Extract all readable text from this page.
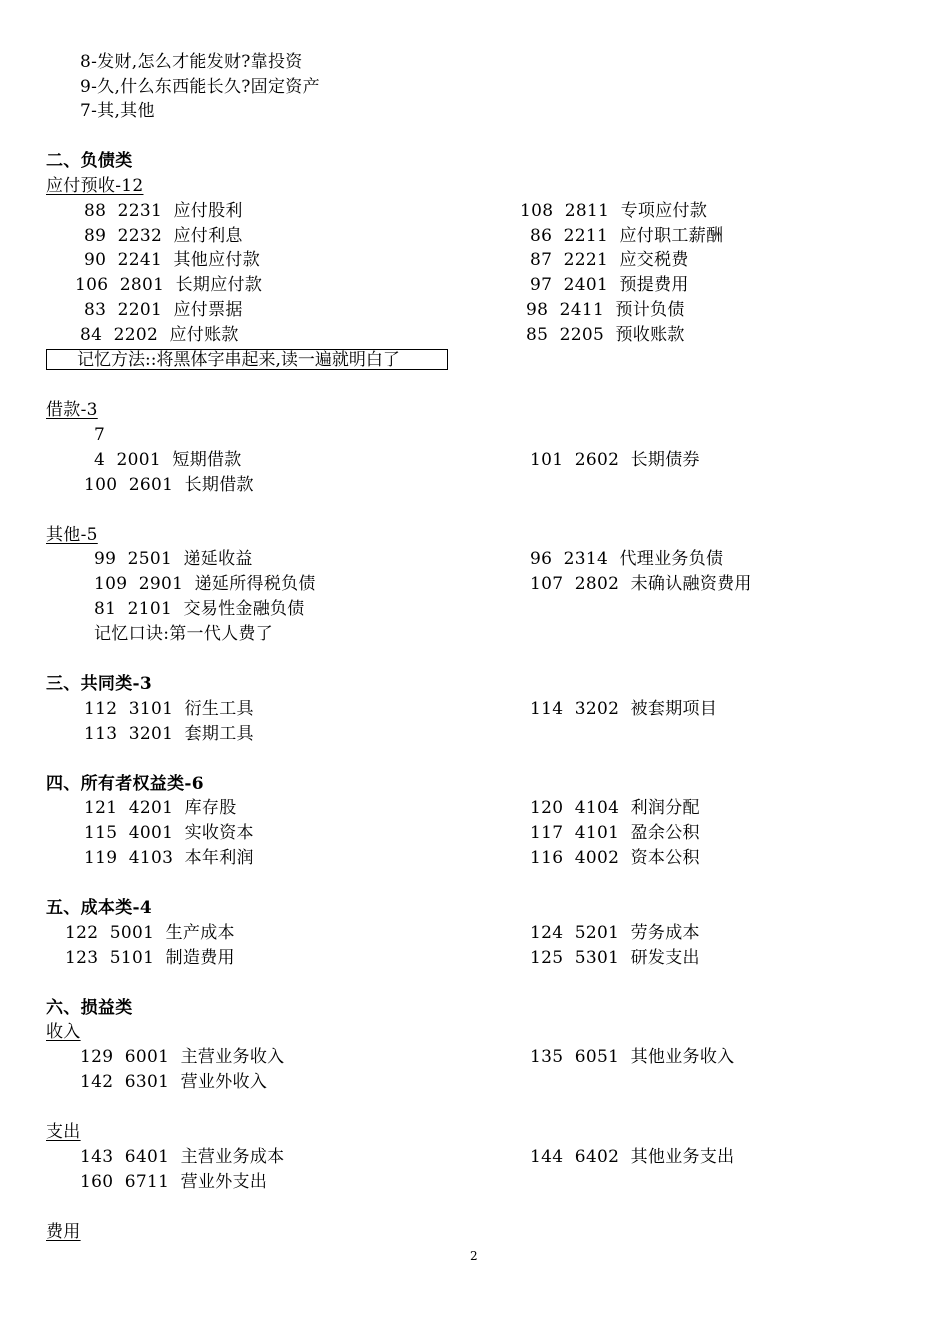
8-发财,怎么才能发财?靠投资
9-久,什么东西能长久?固定资产
7-其,其他
二、负债类
应付预收-12
88  2231  应付股利
89  2232  应付利息
90  2241  其他应付款
106  2801  长期应付款
83  2201  应付票据
84  2202  应付账款
108  2811  专项应付款
86  2211  应付职工薪酬
87  2221  应交税费
97  2401  预提费用
98  2411  预计负债
85  2205  预收账款
记忆方法::将黑体字串起来,读一遍就明白了
借款-3
7
4  2001  短期借款
100  2601  长期借款
101  2602  长期债券
其他-5
99  2501  递延收益
109  2901  递延所得税负债
81  2101  交易性金融负债
记忆口诀:第一代人费了
96  2314  代理业务负债
107  2802  未确认融资费用
三、共同类-3
112  3101  衍生工具
113  3201  套期工具
114  3202  被套期项目
四、所有者权益类-6
121  4201  库存股
115  4001  实收资本
119  4103  本年利润
120  4104  利润分配
117  4101  盈余公积
116  4002  资本公积
五、成本类-4
122  5001  生产成本
123  5101  制造费用
124  5201  劳务成本
125  5301  研发支出
六、损益类
收入
129  6001  主营业务收入
142  6301  营业外收入
135  6051  其他业务收入
支出
143  6401  主营业务成本
160  6711  营业外支出
144  6402  其他业务支出
费用
2
